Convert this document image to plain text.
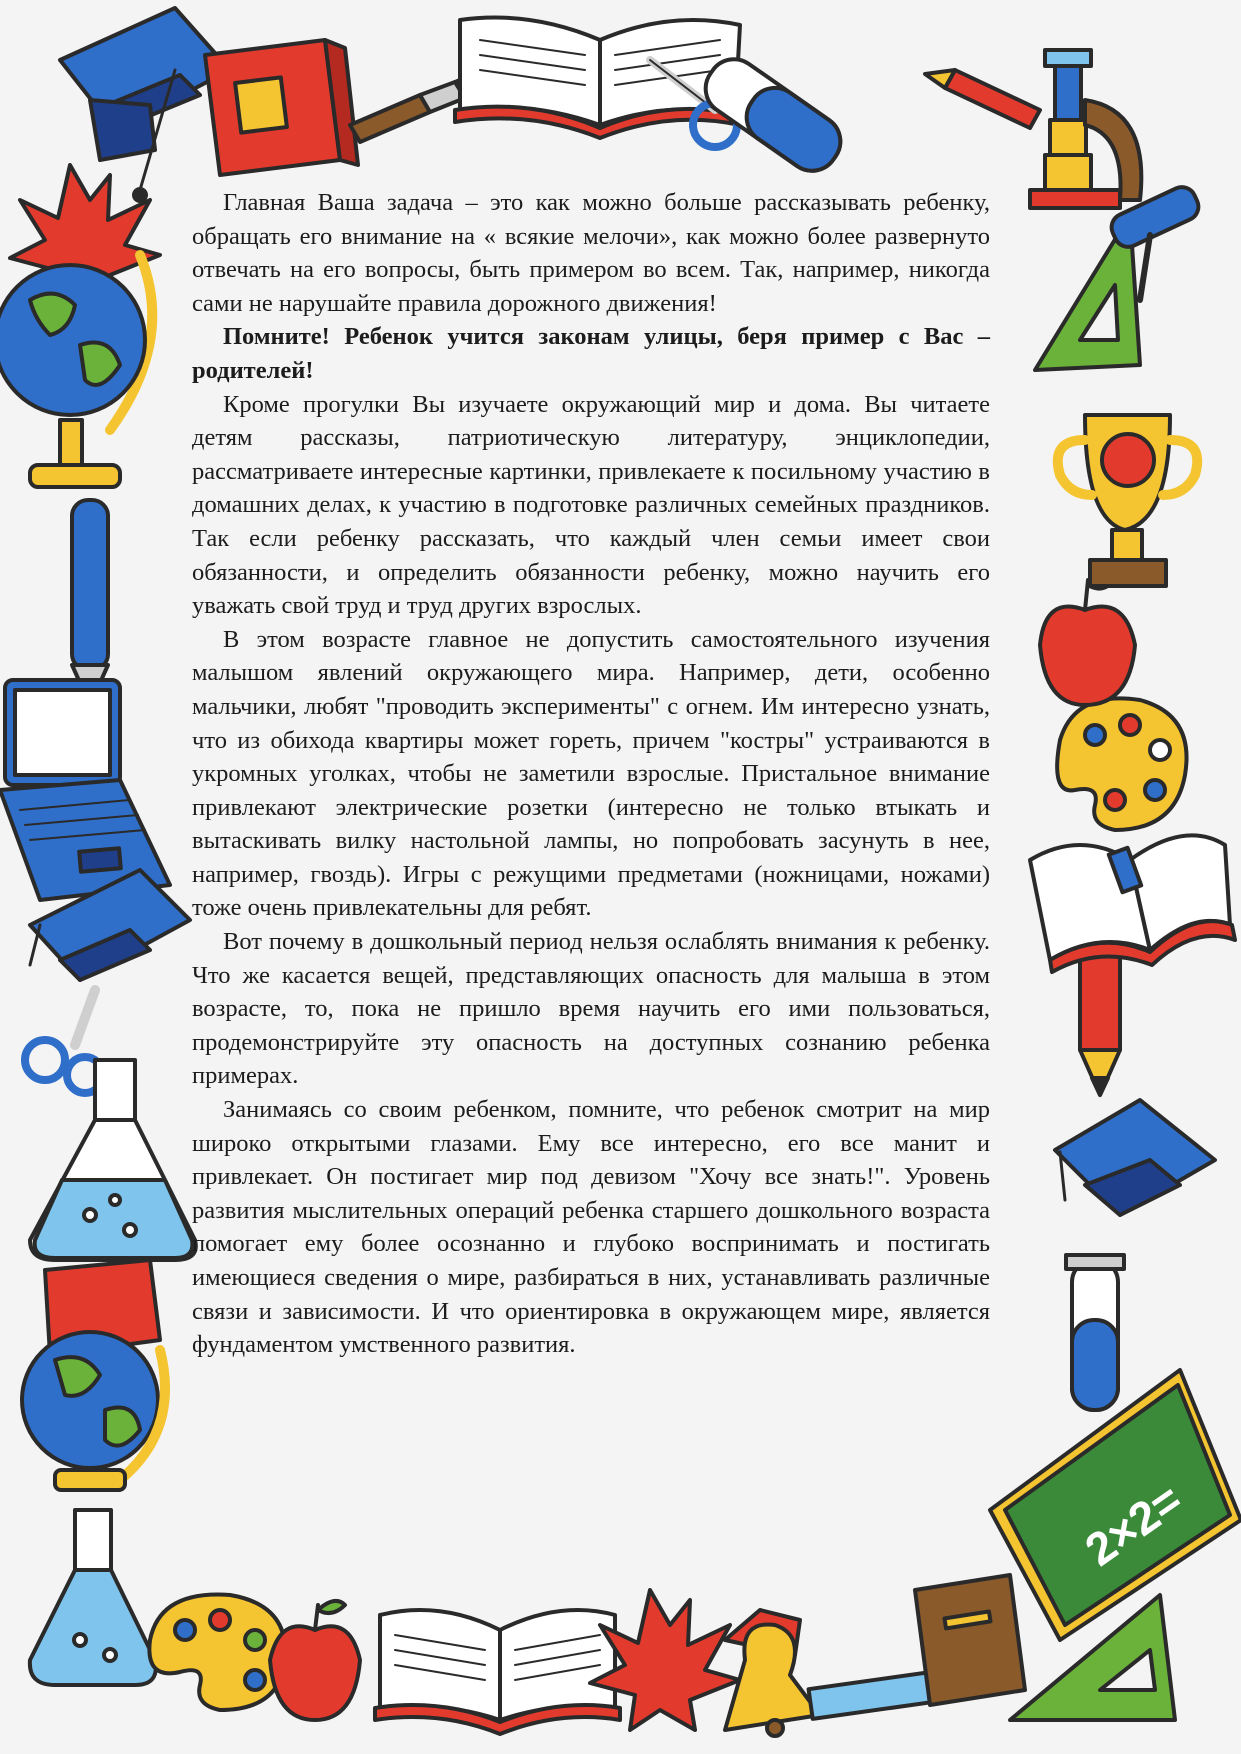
2×2=

Главная Ваша задача – это как можно больше рассказывать ребенку, обращать его внимание на « всякие мелочи», как можно более развернуто отвечать на его вопросы, быть примером во всем. Так, например, никогда сами не нарушайте правила дорожного движения!

Помните! Ребенок учится законам улицы, беря пример с Вас – родителей!

Кроме прогулки Вы изучаете окружающий мир и дома. Вы читаете детям рассказы, патриотическую литературу, энциклопедии, рассматриваете интересные картинки, привлекаете к посильному участию в домашних делах, к участию в подготовке различных семейных праздников. Так если ребенку рассказать, что каждый член семьи имеет свои обязанности, и определить обязанности ребенку, можно научить его уважать свой труд и труд других взрослых.

В этом возрасте главное не допустить самостоятельного изучения малышом явлений окружающего мира. Например, дети, особенно мальчики, любят "проводить эксперименты" с огнем. Им интересно узнать, что из обихода квартиры может гореть, причем "костры" устраиваются в укромных уголках, чтобы не заметили взрослые. Пристальное внимание привлекают электрические розетки (интересно не только втыкать и вытаскивать вилку настольной лампы, но попробовать засунуть в нее, например, гвоздь). Игры с режущими предметами (ножницами, ножами) тоже очень привлекательны для ребят.

Вот почему в дошкольный период нельзя ослаблять внимания к ребенку. Что же касается вещей, представляющих опасность для малыша в этом возрасте, то, пока не пришло время научить его ими пользоваться, продемонстрируйте эту опасность на доступных сознанию ребенка примерах.

Занимаясь со своим ребенком, помните, что ребенок смотрит на мир широко открытыми глазами. Ему все интересно, его все манит и привлекает. Он постигает мир под девизом "Хочу все знать!". Уровень развития мыслительных операций ребенка старшего дошкольного возраста помогает ему более осознанно и глубоко воспринимать и постигать имеющиеся сведения о мире, разбираться в них, устанавливать различные связи и зависимости. И что ориентировка в окружающем мире, является фундаментом умственного развития.
